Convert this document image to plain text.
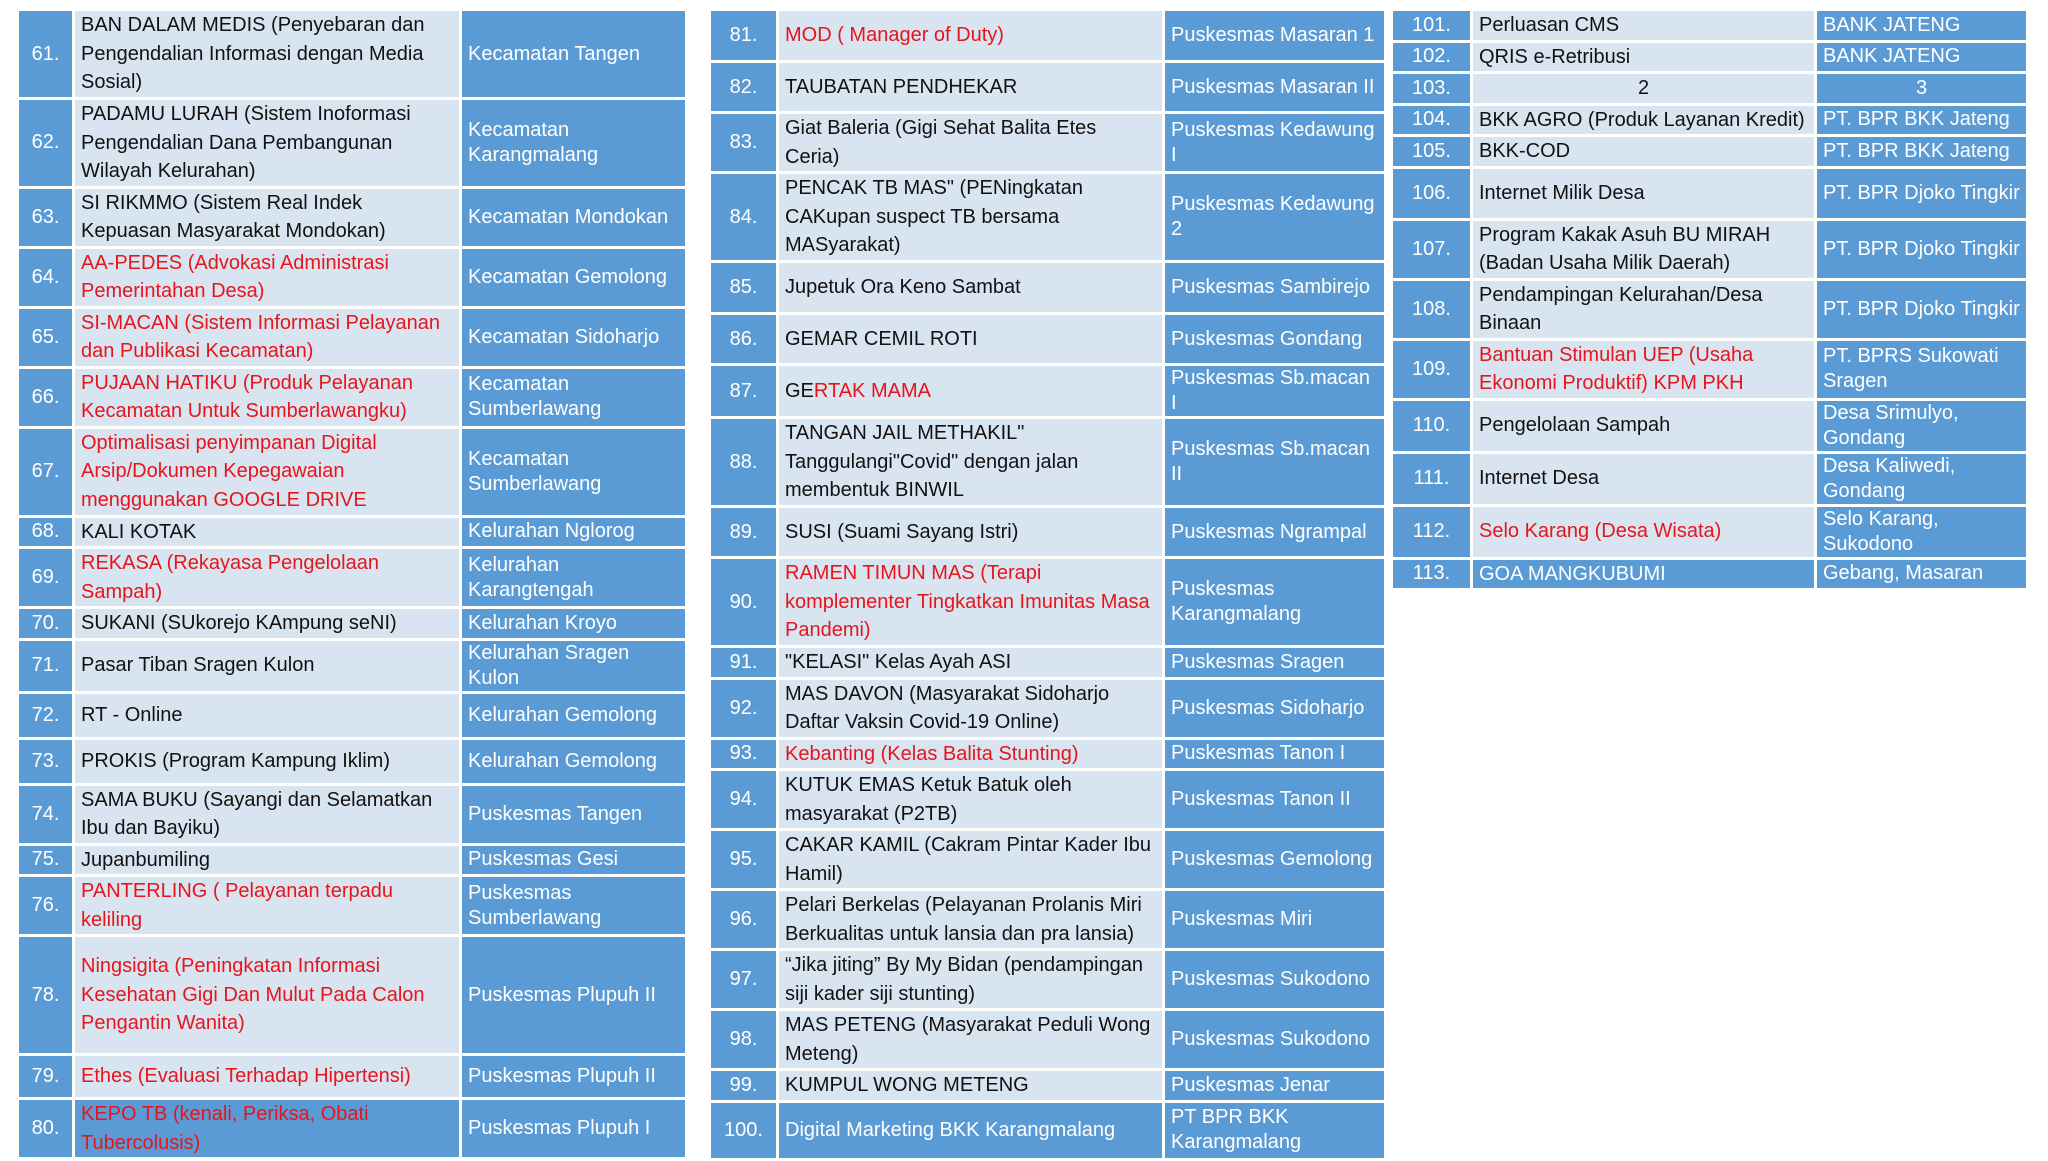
61.	BAN DALAM MEDIS (Penyebaran dan Pengendalian Informasi dengan Media Sosial)	Kecamatan Tangen
62.	PADAMU LURAH (Sistem Inoformasi Pengendalian Dana Pembangunan Wilayah Kelurahan)	Kecamatan Karangmalang
63.	SI RIKMMO (Sistem Real Indek Kepuasan Masyarakat Mondokan)	Kecamatan Mondokan
64.	AA-PEDES (Advokasi Administrasi Pemerintahan Desa)	Kecamatan Gemolong
65.	SI-MACAN (Sistem Informasi Pelayanan dan Publikasi Kecamatan)	Kecamatan Sidoharjo
66.	PUJAAN HATIKU (Produk Pelayanan Kecamatan Untuk Sumberlawangku)	Kecamatan Sumberlawang
67.	Optimalisasi penyimpanan Digital Arsip/Dokumen Kepegawaian menggunakan GOOGLE DRIVE	Kecamatan Sumberlawang
68.	KALI KOTAK	Kelurahan Nglorog
69.	REKASA (Rekayasa Pengelolaan Sampah)	Kelurahan Karangtengah
70.	SUKANI (SUkorejo KAmpung seNI)	Kelurahan Kroyo
71.	Pasar Tiban Sragen Kulon	Kelurahan Sragen Kulon
72.	RT - Online	Kelurahan Gemolong
73.	PROKIS (Program Kampung Iklim)	Kelurahan Gemolong
74.	SAMA BUKU (Sayangi dan Selamatkan Ibu dan Bayiku)	Puskesmas Tangen
75.	Jupanbumiling	Puskesmas Gesi
76.	PANTERLING ( Pelayanan terpadu keliling	Puskesmas Sumberlawang
78.	Ningsigita (Peningkatan Informasi Kesehatan Gigi Dan Mulut Pada Calon Pengantin Wanita)	Puskesmas Plupuh II
79.	Ethes (Evaluasi Terhadap Hipertensi)	Puskesmas Plupuh II
80.	KEPO TB (kenali, Periksa, Obati Tubercolusis)	Puskesmas Plupuh I
81.	MOD ( Manager of Duty)	Puskesmas Masaran 1
82.	TAUBATAN PENDHEKAR	Puskesmas Masaran II
83.	Giat Baleria (Gigi Sehat Balita Etes Ceria)	Puskesmas Kedawung I
84.	PENCAK TB MAS" (PENingkatan CAKupan suspect TB bersama MASyarakat)	Puskesmas Kedawung 2
85.	Jupetuk Ora Keno Sambat	Puskesmas Sambirejo
86.	GEMAR CEMIL ROTI	Puskesmas Gondang
87.	GERTAK MAMA	Puskesmas Sb.macan I
88.	TANGAN JAIL METHAKIL" Tanggulangi"Covid" dengan jalan membentuk BINWIL	Puskesmas Sb.macan II
89.	SUSI (Suami Sayang Istri)	Puskesmas Ngrampal
90.	RAMEN TIMUN MAS (Terapi komplementer Tingkatkan Imunitas Masa Pandemi)	Puskesmas Karangmalang
91.	"KELASI" Kelas Ayah ASI	Puskesmas Sragen
92.	MAS DAVON (Masyarakat Sidoharjo Daftar Vaksin Covid-19 Online)	Puskesmas Sidoharjo
93.	Kebanting (Kelas Balita Stunting)	Puskesmas Tanon I
94.	KUTUK EMAS Ketuk Batuk oleh masyarakat (P2TB)	Puskesmas Tanon II
95.	CAKAR KAMIL (Cakram Pintar Kader Ibu Hamil)	Puskesmas Gemolong
96.	Pelari Berkelas (Pelayanan Prolanis Miri Berkualitas untuk lansia dan pra lansia)	Puskesmas Miri
97.	“Jika jiting” By My Bidan (pendampingan siji kader siji stunting)	Puskesmas Sukodono
98.	MAS PETENG (Masyarakat Peduli Wong Meteng)	Puskesmas Sukodono
99.	KUMPUL WONG METENG	Puskesmas Jenar
100.	Digital Marketing BKK Karangmalang	PT BPR BKK Karangmalang
101.	Perluasan CMS	BANK JATENG
102.	QRIS e-Retribusi	BANK JATENG
103.	2	3
104.	BKK AGRO (Produk Layanan Kredit)	PT. BPR BKK Jateng
105.	BKK-COD	PT. BPR BKK Jateng
106.	Internet Milik Desa	PT. BPR Djoko Tingkir
107.	Program Kakak Asuh BU MIRAH (Badan Usaha Milik Daerah)	PT. BPR Djoko Tingkir
108.	Pendampingan Kelurahan/Desa Binaan	PT. BPR Djoko Tingkir
109.	Bantuan Stimulan UEP (Usaha Ekonomi Produktif) KPM PKH	PT. BPRS Sukowati Sragen
110.	Pengelolaan Sampah	Desa Srimulyo, Gondang
111.	Internet Desa	Desa Kaliwedi, Gondang
112.	Selo Karang (Desa Wisata)	Selo Karang, Sukodono
113.	GOA MANGKUBUMI	Gebang, Masaran
